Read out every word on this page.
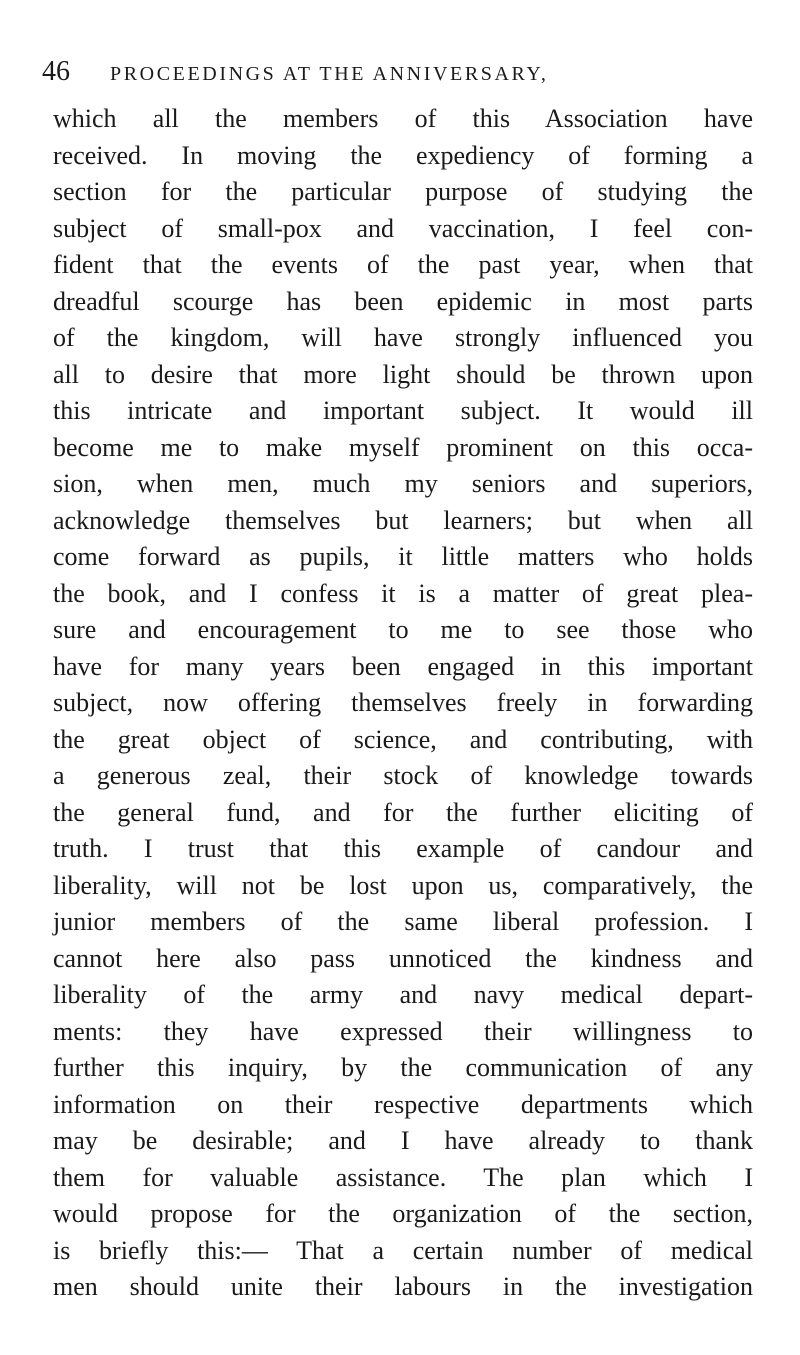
46 PROCEEDINGS AT THE ANNIVERSARY,
which all the members of this Association have
received. In moving the expediency of forming a
section for the particular purpose of studying the
subject of small-pox and vaccination, I feel con-
fident that the events of the past year, when that
dreadful scourge has been epidemic in most parts
of the kingdom, will have strongly influenced you
all to desire that more light should be thrown upon
this intricate and important subject. It would ill
become me to make myself prominent on this occa-
sion, when men, much my seniors and superiors,
acknowledge themselves but learners; but when all
come forward as pupils, it little matters who holds
the book, and I confess it is a matter of great plea-
sure and encouragement to me to see those who
have for many years been engaged in this important
subject, now offering themselves freely in forwarding
the great object of science, and contributing, with
a generous zeal, their stock of knowledge towards
the general fund, and for the further eliciting of
truth. I trust that this example of candour and
liberality, will not be lost upon us, comparatively, the
junior members of the same liberal profession. I
cannot here also pass unnoticed the kindness and
liberality of the army and navy medical depart-
ments: they have expressed their willingness to
further this inquiry, by the communication of any
information on their respective departments which
may be desirable; and I have already to thank
them for valuable assistance. The plan which I
would propose for the organization of the section,
is briefly this:— That a certain number of medical
men should unite their labours in the investigation
